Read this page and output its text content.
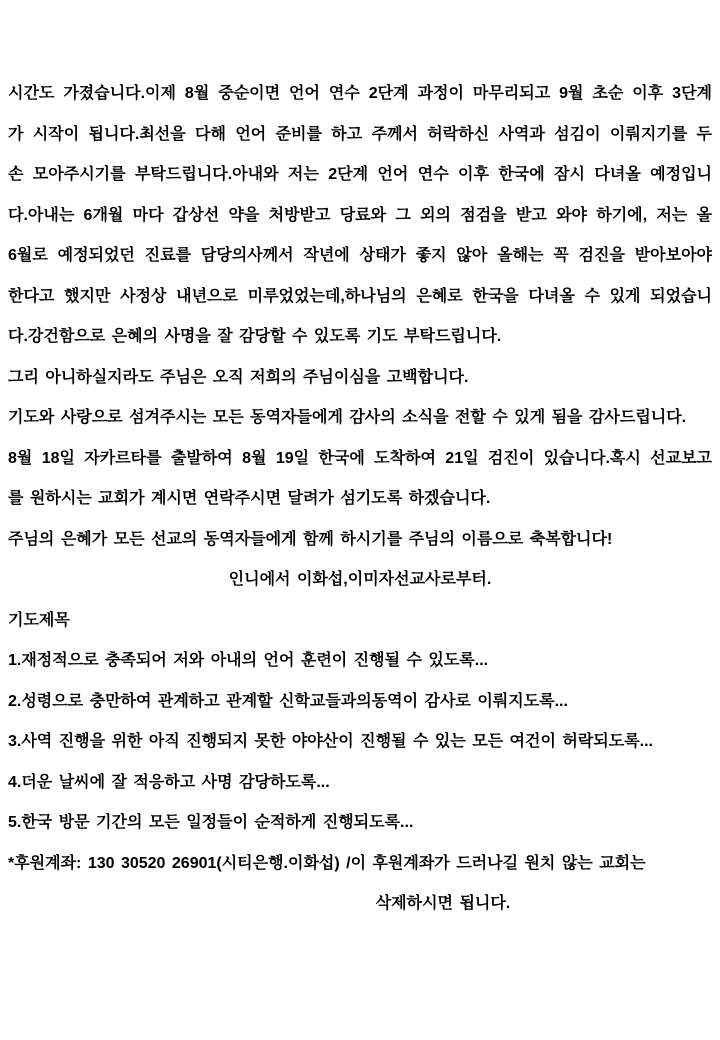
시간도 가졌습니다.이제 8월 중순이면 언어 연수 2단계 과정이 마무리되고 9월 초순 이후 3단계
가 시작이 됩니다.최선을 다해 언어 준비를 하고 주께서 허락하신 사역과 섬김이 이뤄지기를 두
손 모아주시기를 부탁드립니다.아내와 저는 2단계 언어 연수 이후 한국에 잠시 다녀올 예정입니
다.아내는 6개월 마다 갑상선 약을 처방받고 당료와 그 외의 점검을 받고 와야 하기에, 저는 올
6월로 예정되었던 진료를 담당의사께서 작년에 상태가 좋지 않아 올해는 꼭 검진을 받아보아야
한다고 했지만 사정상 내년으로 미루었었는데,하나님의 은혜로 한국을 다녀올 수 있게 되었습니
다.강건함으로 은혜의 사명을 잘 감당할 수 있도록 기도 부탁드립니다.
그리 아니하실지라도 주님은 오직 저희의 주님이심을 고백합니다.
기도와 사랑으로 섬겨주시는 모든 동역자들에게 감사의 소식을 전할 수 있게 됨을 감사드립니다.
8월 18일 자카르타를 출발하여 8월 19일 한국에 도착하여 21일 검진이 있습니다.혹시 선교보고
를 원하시는 교회가 계시면 연락주시면 달려가 섬기도록 하겠습니다.
주님의 은혜가 모든 선교의 동역자들에게 함께 하시기를 주님의 이름으로 축복합니다!
인니에서 이화섭,이미자선교사로부터.
기도제목
1.재정적으로 충족되어 저와 아내의 언어 훈련이 진행될 수 있도록...
2.성령으로 충만하여 관계하고 관계할 신학교들과의동역이 감사로 이뤄지도록...
3.사역 진행을 위한 아직 진행되지 못한 야야산이 진행될 수 있는 모든 여건이 허락되도록...
4.더운 날씨에 잘 적응하고 사명 감당하도록...
5.한국 방문 기간의 모든 일정들이 순적하게 진행되도록...
*후원계좌: 130 30520 26901(시티은행.이화섭) /이 후원계좌가 드러나길 원치 않는 교회는
삭제하시면 됩니다.
